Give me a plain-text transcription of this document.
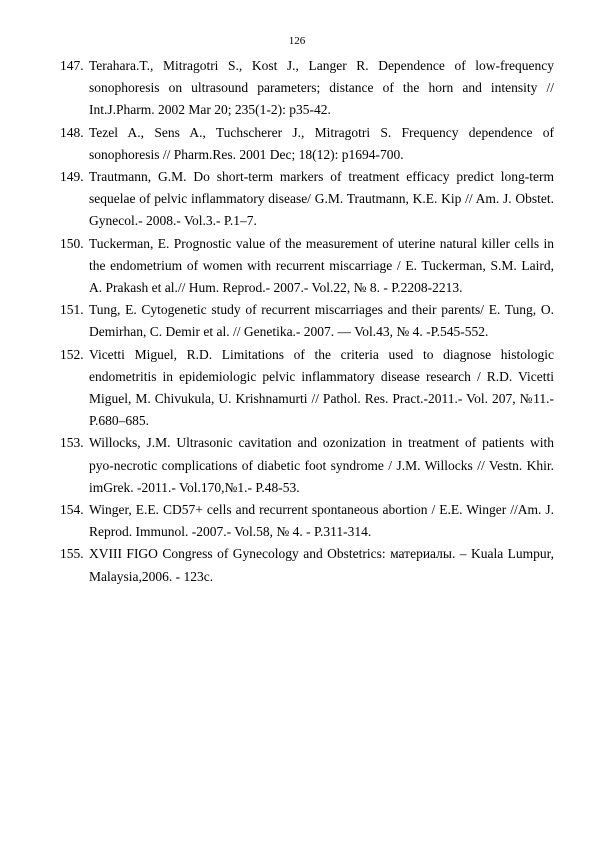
126
147. Terahara.T., Mitragotri S., Kost J., Langer R. Dependence of low-frequency sonophoresis on ultrasound parameters; distance of the horn and intensity // Int.J.Pharm. 2002 Mar 20; 235(1-2): p35-42.
148. Tezel A., Sens A., Tuchscherer J., Mitragotri S. Frequency dependence of sonophoresis // Pharm.Res. 2001 Dec; 18(12): p1694-700.
149. Trautmann, G.M. Do short-term markers of treatment efficacy predict long-term sequelae of pelvic inflammatory disease/ G.M. Trautmann, K.E. Kip // Am. J. Obstet. Gynecol.- 2008.- Vol.3.- P.1–7.
150. Tuckerman, E. Prognostic value of the measurement of uterine natural killer cells in the endometrium of women with recurrent miscarriage / E. Tuckerman, S.M. Laird, A. Prakash et al.// Hum. Reprod.- 2007.- Vol.22, № 8. - P.2208-2213.
151. Tung, E. Cytogenetic study of recurrent miscarriages and their parents/ E. Tung, O. Demirhan, C. Demir et al. // Genetika.- 2007. — Vol.43, № 4. -P.545-552.
152. Vicetti Miguel, R.D. Limitations of the criteria used to diagnose histologic endometritis in epidemiologic pelvic inflammatory disease research / R.D. Vicetti Miguel, M. Chivukula, U. Krishnamurti // Pathol. Res. Pract.-2011.- Vol. 207, №11.- P.680–685.
153. Willocks, J.M. Ultrasonic cavitation and ozonization in treatment of patients with pyo-necrotic complications of diabetic foot syndrome / J.M. Willocks // Vestn. Khir. imGrek. -2011.- Vol.170,№1.- P.48-53.
154. Winger, E.E. CD57+ cells and recurrent spontaneous abortion / E.E. Winger //Am. J. Reprod. Immunol. -2007.- Vol.58, № 4. - P.311-314.
155. XVIII FIGO Congress of Gynecology and Obstetrics: материалы. – Kuala Lumpur, Malaysia,2006. - 123с.
